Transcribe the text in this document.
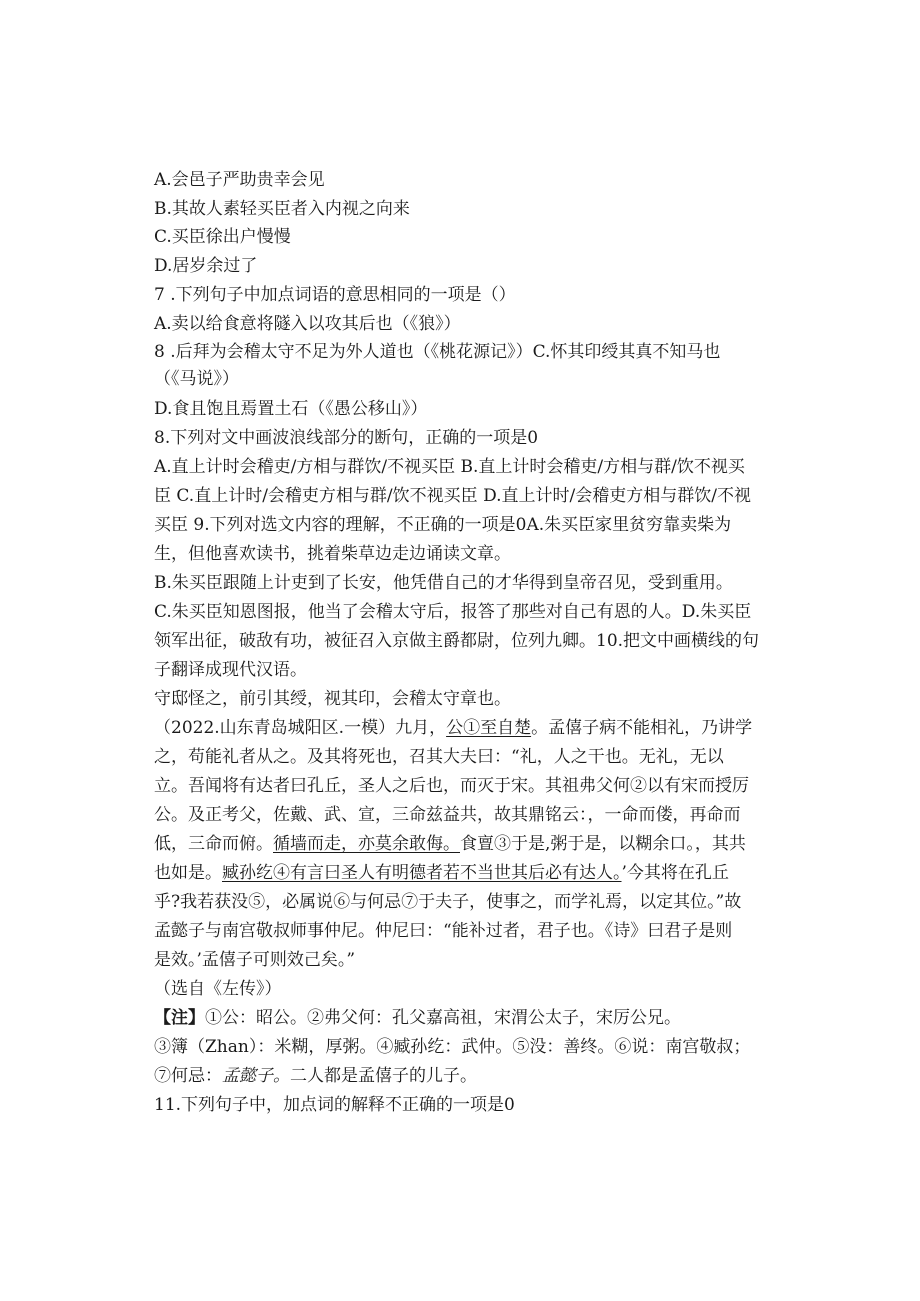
A.会邑子严助贵幸会见
B.其故人素轻买臣者入内视之向来
C.买臣徐出户慢慢
D.居岁余过了
7 .下列句子中加点词语的意思相同的一项是（）
A.卖以给食意将隧入以攻其后也（《狼》）
8 .后拜为会稽太守不足为外人道也（《桃花源记》）C.怀其印绶其真不知马也
（《马说》）
D.食且饱且焉置土石（《愚公移山》）
8.下列对文中画波浪线部分的断句，正确的一项是0
A.直上计时会稽吏/方相与群饮/不视买臣 B.直上计时会稽吏/方相与群/饮不视买
臣 C.直上计时/会稽吏方相与群/饮不视买臣 D.直上计时/会稽吏方相与群饮/不视
买臣 9.下列对选文内容的理解，不正确的一项是0A.朱买臣家里贫穷靠卖柴为
生，但他喜欢读书，挑着柴草边走边诵读文章。
B.朱买臣跟随上计吏到了长安，他凭借自己的才华得到皇帝召见，受到重用。
C.朱买臣知恩图报，他当了会稽太守后，报答了那些对自己有恩的人。D.朱买臣
领军出征，破敌有功，被征召入京做主爵都尉，位列九卿。10.把文中画横线的句
子翻译成现代汉语。
守邸怪之，前引其绶，视其印，会稽太守章也。
（2022.山东青岛城阳区.一模）九月，公①至自楚。孟僖子病不能相礼，乃讲学
之，苟能礼者从之。及其将死也，召其大夫曰：“礼，人之干也。无礼，无以
立。吾闻将有达者曰孔丘，圣人之后也，而灭于宋。其祖弗父何②以有宋而授厉
公。及正考父，佐戴、武、宣，三命兹益共，故其鼎铭云：，一命而偻，再命而
低，三命而俯。循墙而走，亦莫余敢侮。食亶③于是,粥于是，以糊余口。，其共
也如是。臧孙纥④有言曰圣人有明德者若不当世其后必有达人。’今其将在孔丘
乎?我若获没⑤，必属说⑥与何忌⑦于夫子，使事之，而学礼焉，以定其位。”故
孟懿子与南宫敬叔师事仲尼。仲尼曰：“能补过者，君子也。《诗》曰君子是则
是效。’孟僖子可则效己矣。”
（选自《左传》）
【注】①公：昭公。②弗父何：孔父嘉高祖，宋渭公太子，宋厉公兄。
③簿（Zhan）：米糊，厚粥。④臧孙纥：武仲。⑤没：善终。⑥说：南宫敬叔；
⑦何忌：孟懿子。二人都是孟僖子的儿子。
11.下列句子中，加点词的解释不正确的一项是0
